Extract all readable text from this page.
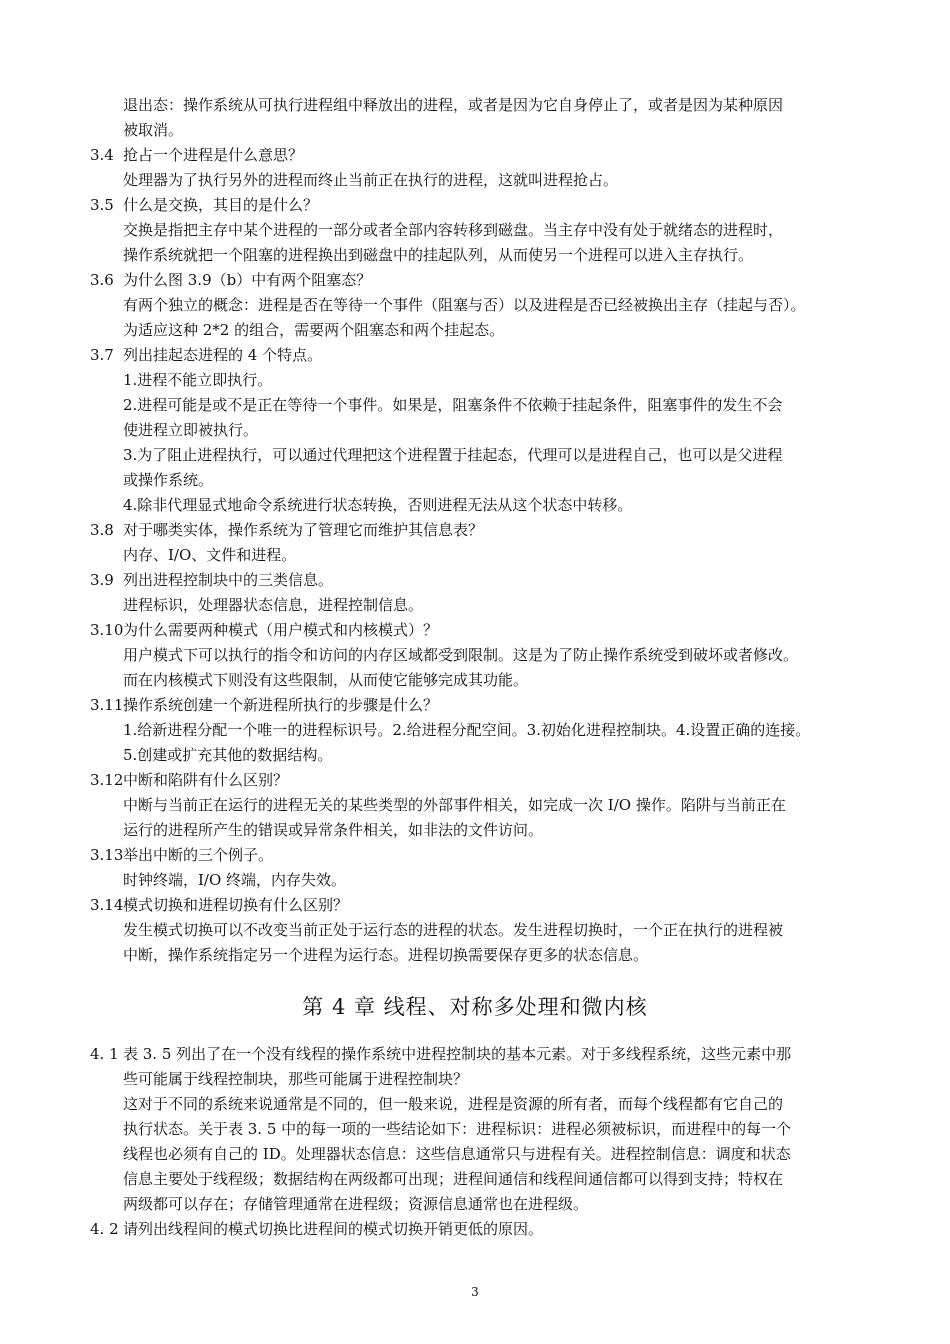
退出态：操作系统从可执行进程组中释放出的进程，或者是因为它自身停止了，或者是因为某种原因
被取消。
3.4 抢占一个进程是什么意思？
处理器为了执行另外的进程而终止当前正在执行的进程，这就叫进程抢占。
3.5 什么是交换，其目的是什么？
交换是指把主存中某个进程的一部分或者全部内容转移到磁盘。当主存中没有处于就绪态的进程时，
操作系统就把一个阻塞的进程换出到磁盘中的挂起队列，从而使另一个进程可以进入主存执行。
3.6 为什么图 3.9（b）中有两个阻塞态？
有两个独立的概念：进程是否在等待一个事件（阻塞与否）以及进程是否已经被换出主存（挂起与否）。
为适应这种 2*2 的组合，需要两个阻塞态和两个挂起态。
3.7 列出挂起态进程的 4 个特点。
1.进程不能立即执行。
2.进程可能是或不是正在等待一个事件。如果是，阻塞条件不依赖于挂起条件，阻塞事件的发生不会
使进程立即被执行。
3.为了阻止进程执行，可以通过代理把这个进程置于挂起态，代理可以是进程自己，也可以是父进程
或操作系统。
4.除非代理显式地命令系统进行状态转换，否则进程无法从这个状态中转移。
3.8 对于哪类实体，操作系统为了管理它而维护其信息表？
内存、I/O、文件和进程。
3.9 列出进程控制块中的三类信息。
进程标识，处理器状态信息，进程控制信息。
3.10 为什么需要两种模式（用户模式和内核模式）？
用户模式下可以执行的指令和访问的内存区域都受到限制。这是为了防止操作系统受到破坏或者修改。
而在内核模式下则没有这些限制，从而使它能够完成其功能。
3.11 操作系统创建一个新进程所执行的步骤是什么？
1.给新进程分配一个唯一的进程标识号。2.给进程分配空间。3.初始化进程控制块。4.设置正确的连接。
5.创建或扩充其他的数据结构。
3.12 中断和陷阱有什么区别？
中断与当前正在运行的进程无关的某些类型的外部事件相关，如完成一次 I/O 操作。陷阱与当前正在
运行的进程所产生的错误或异常条件相关，如非法的文件访问。
3.13 举出中断的三个例子。
时钟终端，I/O 终端，内存失效。
3.14 模式切换和进程切换有什么区别？
发生模式切换可以不改变当前正处于运行态的进程的状态。发生进程切换时，一个正在执行的进程被
中断，操作系统指定另一个进程为运行态。进程切换需要保存更多的状态信息。
第 4 章 线程、对称多处理和微内核
4. 1 表 3. 5 列出了在一个没有线程的操作系统中进程控制块的基本元素。对于多线程系统，这些元素中那
些可能属于线程控制块，那些可能属于进程控制块？
这对于不同的系统来说通常是不同的，但一般来说，进程是资源的所有者，而每个线程都有它自己的
执行状态。关于表 3. 5 中的每一项的一些结论如下：进程标识：进程必须被标识，而进程中的每一个
线程也必须有自己的 ID。处理器状态信息：这些信息通常只与进程有关。进程控制信息：调度和状态
信息主要处于线程级；数据结构在两级都可出现；进程间通信和线程间通信都可以得到支持；特权在
两级都可以存在；存储管理通常在进程级；资源信息通常也在进程级。
4. 2 请列出线程间的模式切换比进程间的模式切换开销更低的原因。
3
